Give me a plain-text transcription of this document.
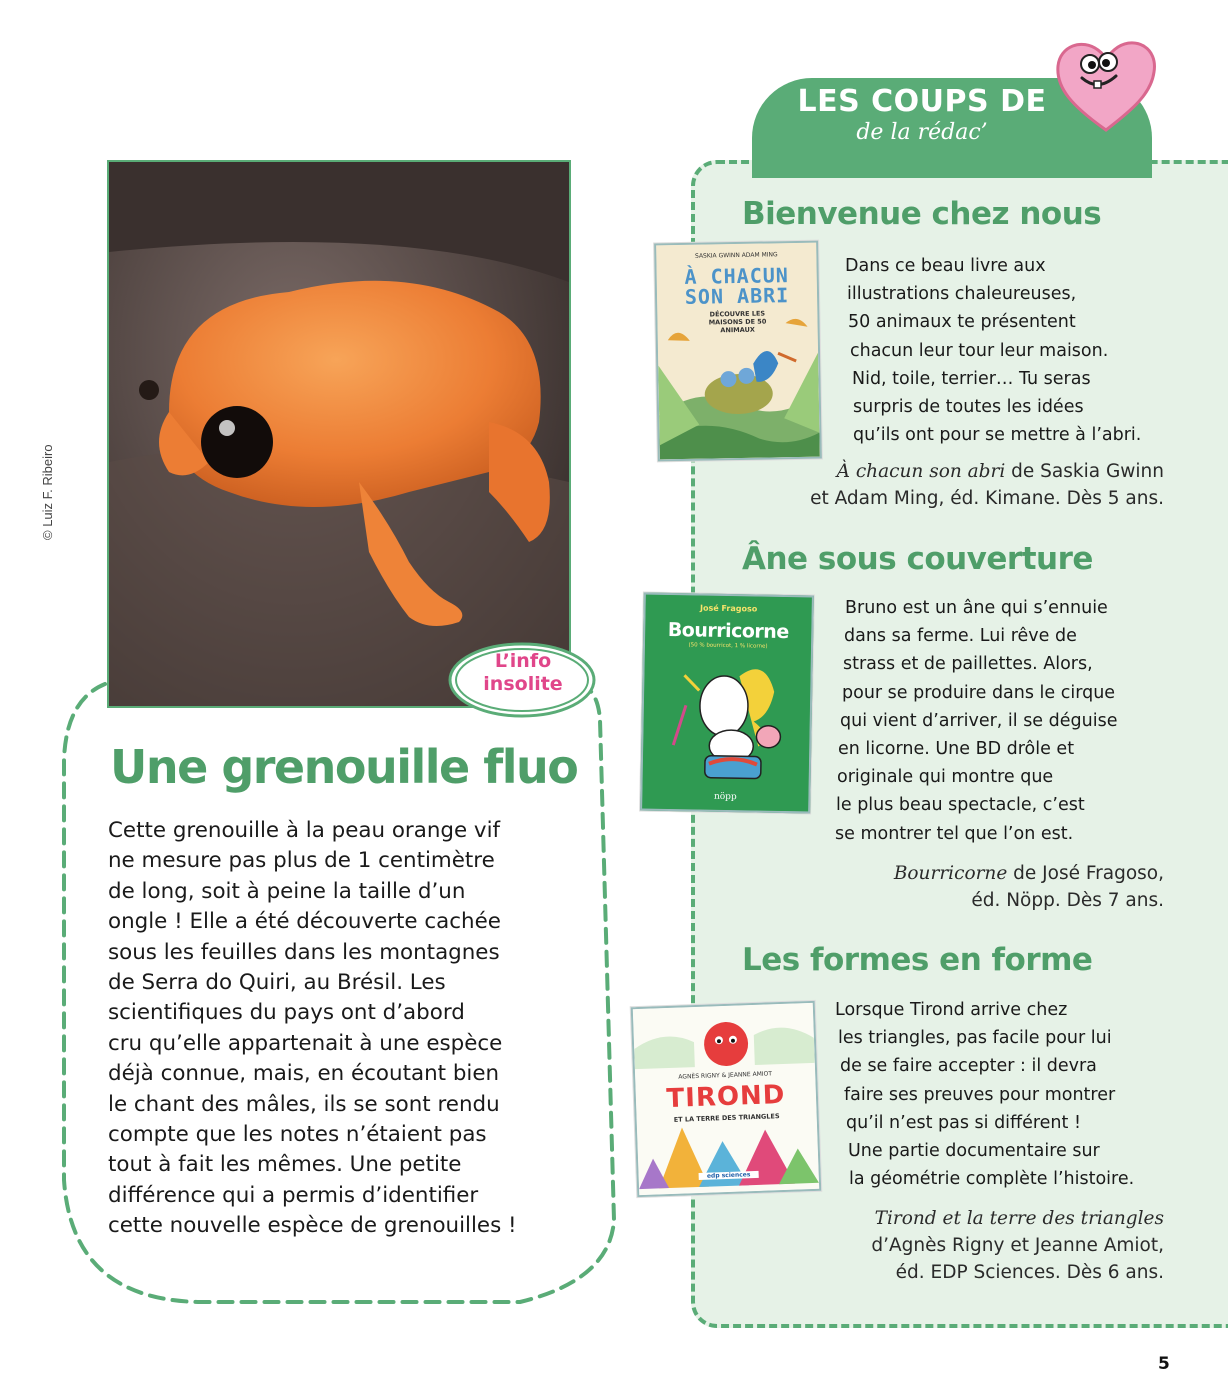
LES COUPS DE
de la rédac’
Bienvenue chez nous
SASKIA GWINN ADAM MING
À CHACUN
SON ABRI
DÉCOUVRE LES MAISONS DE 50 ANIMAUX
Dans ce beau livre aux
illustrations chaleureuses,
50 animaux te présentent
chacun leur tour leur maison.
Nid, toile, terrier… Tu seras
surpris de toutes les idées
qu’ils ont pour se mettre à l’abri.
À chacun son abri de Saskia Gwinn
et Adam Ming, éd. Kimane. Dès 5 ans.
Âne sous couverture
José Fragoso
Bourricorne
(50 % bourricot, 1 % licorne)
nöpp
Bruno est un âne qui s’ennuie
dans sa ferme. Lui rêve de
strass et de paillettes. Alors,
pour se produire dans le cirque
qui vient d’arriver, il se déguise
en licorne. Une BD drôle et
originale qui montre que
le plus beau spectacle, c’est
se montrer tel que l’on est.
Bourricorne de José Fragoso,
éd. Nöpp. Dès 7 ans.
Les formes en forme
AGNÈS RIGNY & JEANNE AMIOT
TIROND
ET LA TERRE DES TRIANGLES
edp sciences
Lorsque Tirond arrive chez
les triangles, pas facile pour lui
de se faire accepter : il devra
faire ses preuves pour montrer
qu’il n’est pas si différent !
Une partie documentaire sur
la géométrie complète l’histoire.
Tirond et la terre des triangles
d’Agnès Rigny et Jeanne Amiot,
éd. EDP Sciences. Dès 6 ans.
© Luiz F. Ribeiro
L’info
insolite
Une grenouille fluo
Cette grenouille à la peau orange vif
ne mesure pas plus de 1 centimètre
de long, soit à peine la taille d’un
ongle ! Elle a été découverte cachée
sous les feuilles dans les montagnes
de Serra do Quiri, au Brésil. Les
scientifiques du pays ont d’abord
cru qu’elle appartenait à une espèce
déjà connue, mais, en écoutant bien
le chant des mâles, ils se sont rendu
compte que les notes n’étaient pas
tout à fait les mêmes. Une petite
différence qui a permis d’identifier
cette nouvelle espèce de grenouilles !
5
